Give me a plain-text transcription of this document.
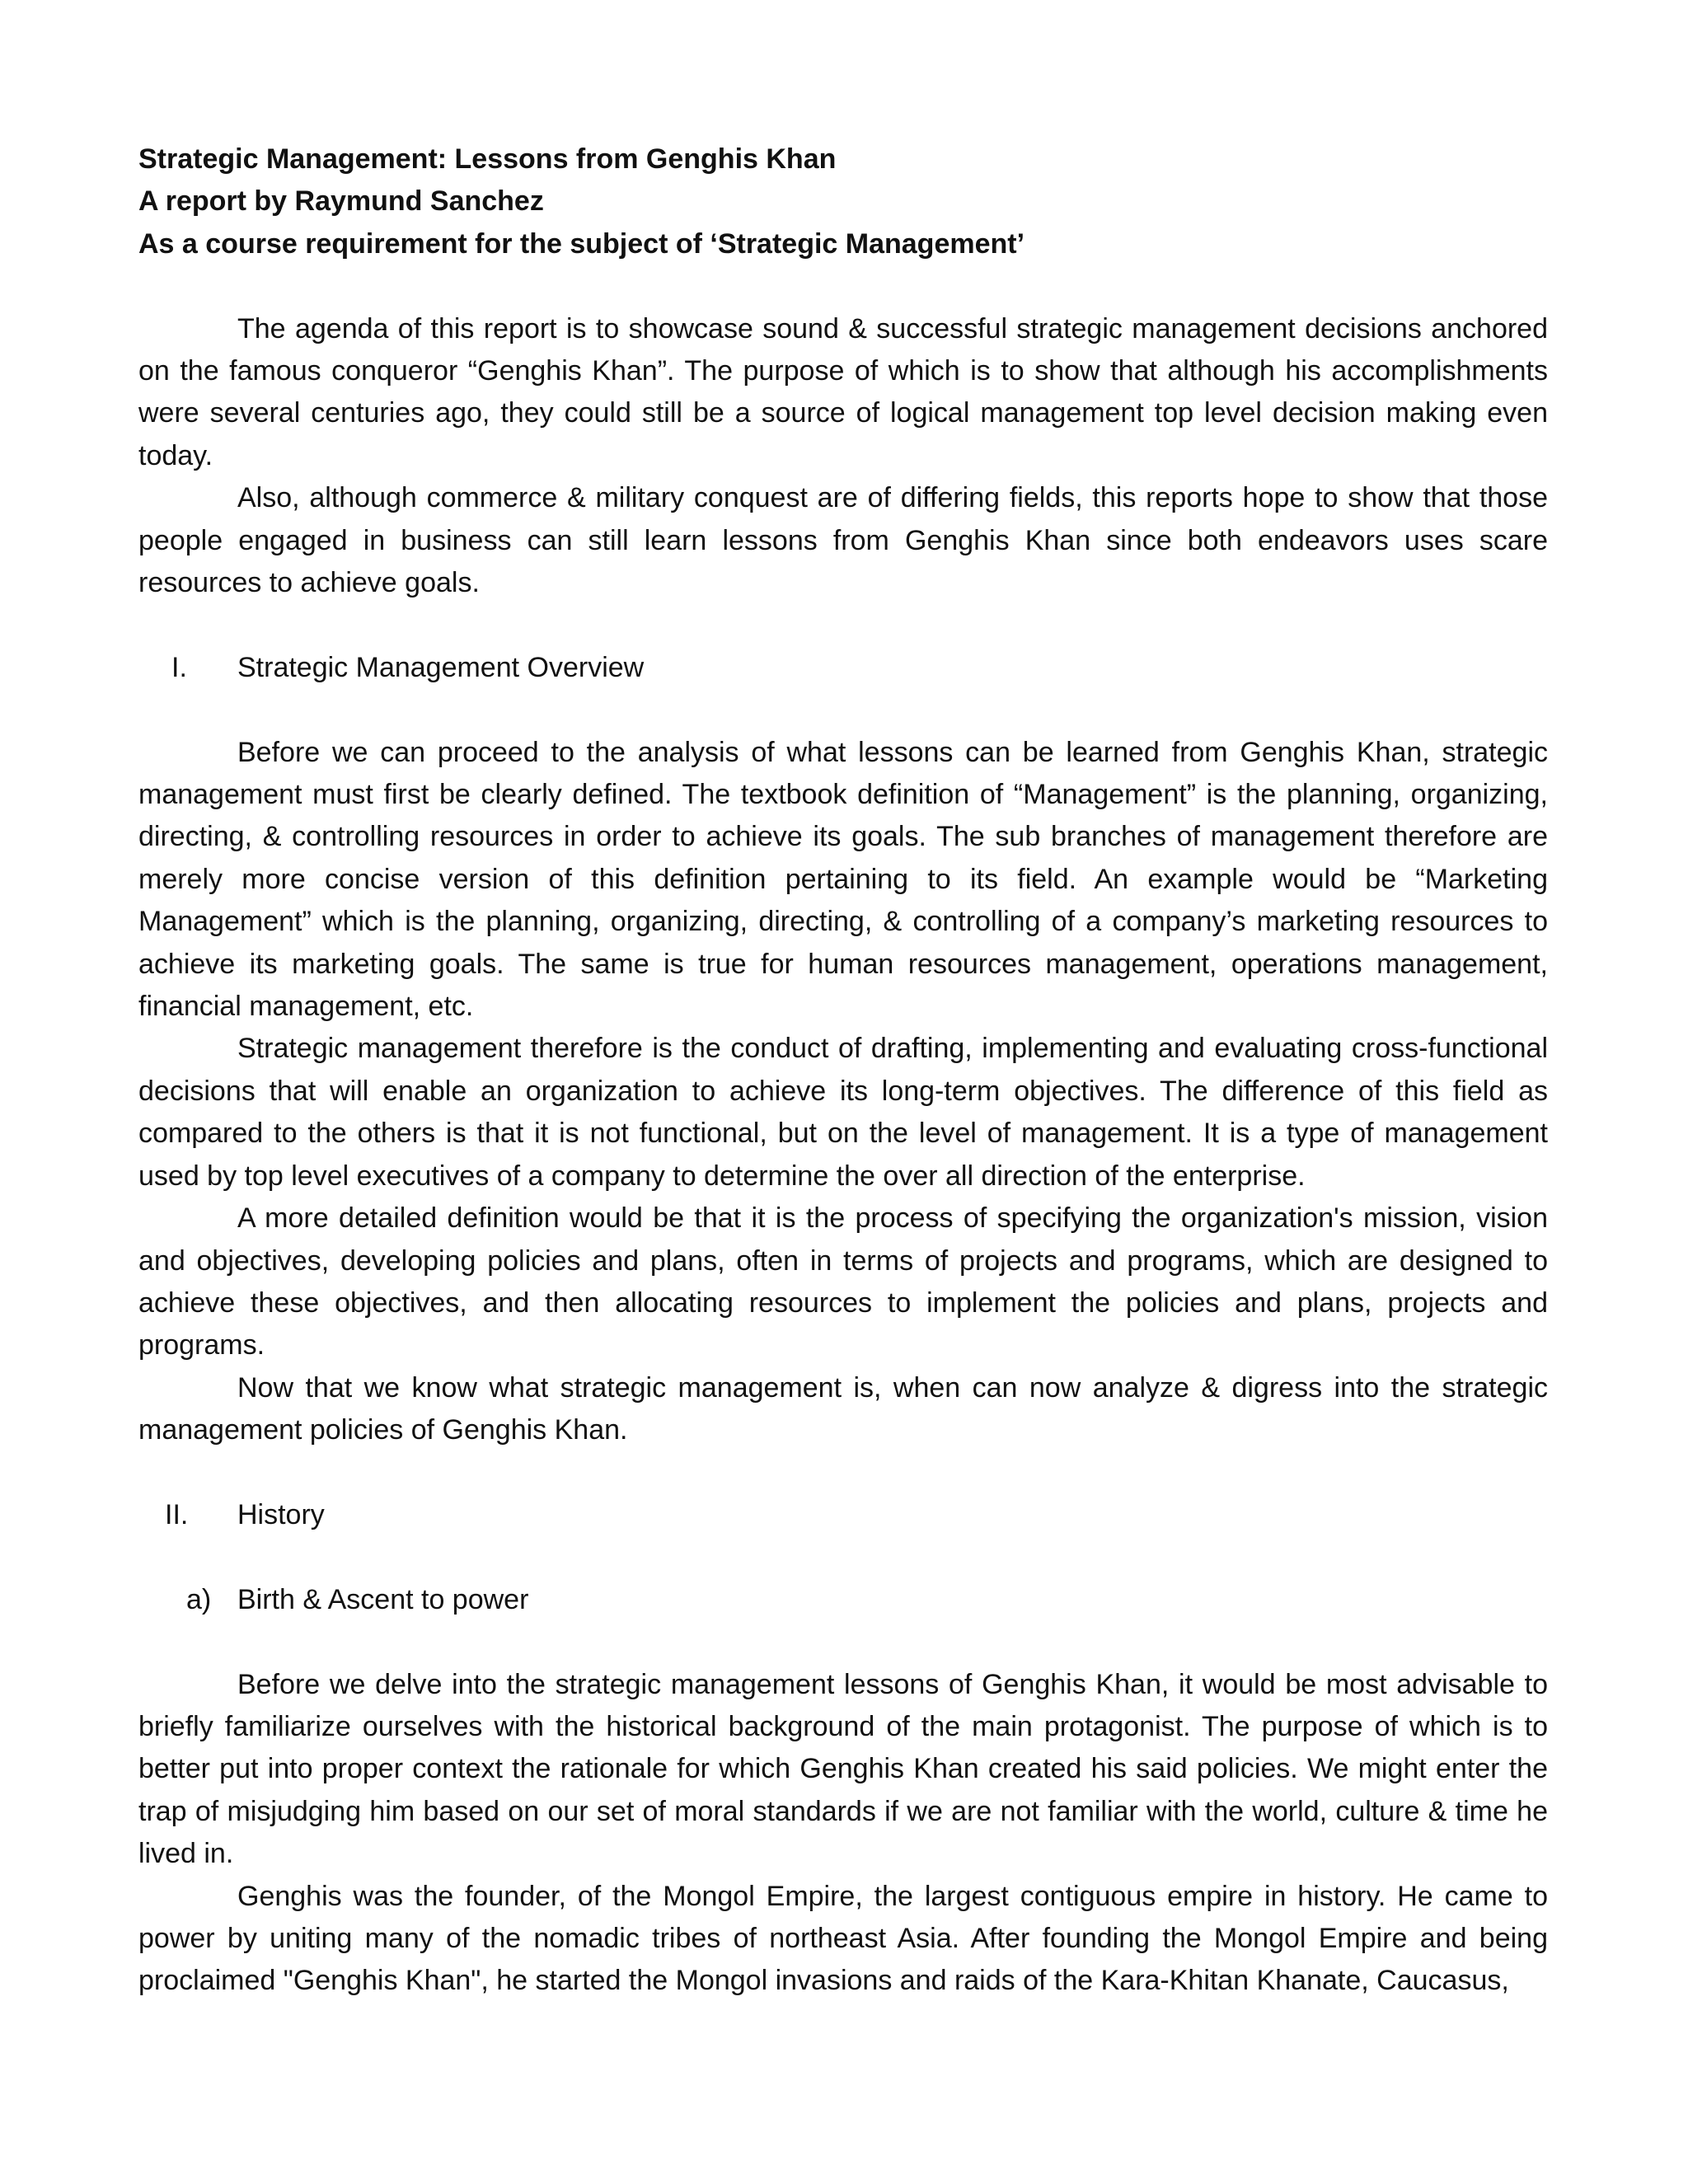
Strategic Management: Lessons from Genghis Khan

A report by Raymund Sanchez

As a course requirement for the subject of ‘Strategic Management’

The agenda of this report is to showcase sound & successful strategic management decisions anchored on the famous conqueror “Genghis Khan”. The purpose of which is to show that although his accomplishments were several centuries ago, they could still be a source of logical management top level decision making even today.

Also, although commerce & military conquest are of differing fields, this reports hope to show that those people engaged in business can still learn lessons from Genghis Khan since both endeavors uses scare resources to achieve goals.

I.	Strategic Management Overview

Before we can proceed to the analysis of what lessons can be learned from Genghis Khan, strategic management must first be clearly defined. The textbook definition of “Management” is the planning, organizing, directing, & controlling resources in order to achieve its goals. The sub branches of management therefore are merely more concise version of this definition pertaining to its field. An example would be “Marketing Management” which is the planning, organizing, directing, & controlling of a company’s marketing resources to achieve its marketing goals. The same is true for human resources management, operations management, financial management, etc.

Strategic management therefore is the conduct of drafting, implementing and evaluating cross-functional decisions that will enable an organization to achieve its long-term objectives. The difference of this field as compared to the others is that it is not functional, but on the level of management. It is a type of management used by top level executives of a company to determine the over all direction of the enterprise.

A more detailed definition would be that it is the process of specifying the organization's mission, vision and objectives, developing policies and plans, often in terms of projects and programs, which are designed to achieve these objectives, and then allocating resources to implement the policies and plans, projects and programs.

Now that we know what strategic management is, when can now analyze & digress into the strategic management policies of Genghis Khan.

II.	History

a) Birth & Ascent to power

Before we delve into the strategic management lessons of Genghis Khan, it would be most advisable to briefly familiarize ourselves with the historical background of the main protagonist. The purpose of which is to better put into proper context the rationale for which Genghis Khan created his said policies. We might enter the trap of misjudging him based on our set of moral standards if we are not familiar with the world, culture & time he lived in.

Genghis was the founder, of the Mongol Empire, the largest contiguous empire in history. He came to power by uniting many of the nomadic tribes of northeast Asia. After founding the Mongol Empire and being proclaimed "Genghis Khan", he started the Mongol invasions and raids of the Kara-Khitan Khanate, Caucasus,
